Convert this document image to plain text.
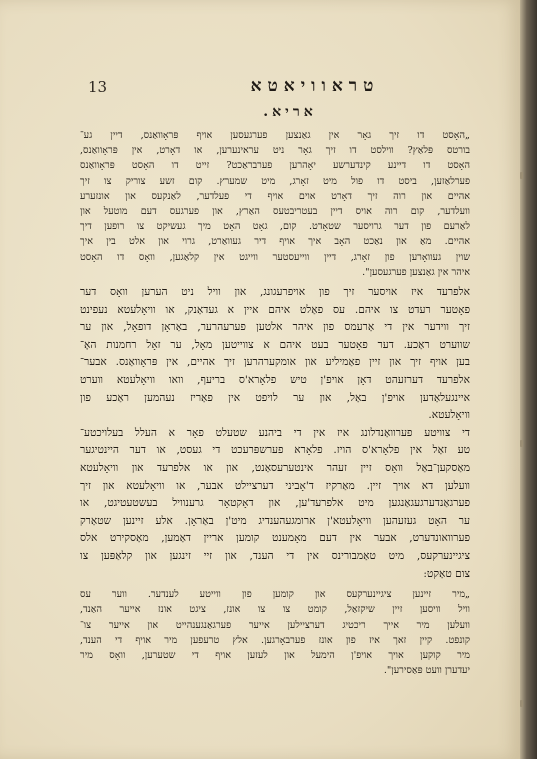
13	טראוויאטא
אריא.
„האָסט דו זיך גאָר אין גאַנצען פערגעסען אויף פּראָוואַנס, דיין גע־
בורטס פּלאַץ? ווילסט דו זיך גאָר ניט עראינערען, או דאָרט, אין פּראָוואַנס,
האָסט דו דיינע קינדערשע יאָהרען פערבראַכט? זייט דו האָסט פּראָוואַנס
פערלאַזען, ביסט דו פול מיט זאָרג, מיט שמערץ. קום זשע צוריק צו זיך
אהיים און רוה זיך דאָרט אוים אויף די פעלדער, לאַנקעס און אונזערע
וועלדער, קום רוה אויס דיין בעטריבטעס האַרץ, און פערגעס דעם מוטעל און
לאַרעם פון דער גרויסער שטאָדט. קום, גאָט האָט מיך געשיקט צו רופען דיך
אהיים. מאַ און נאַכט האָב איך אויף דיר געוואַרט, גרוי און אלט בין איך
שוין געוואָרען פון זאָרג, דיין ווייעסטער ווייגט אין קלאַגען, וואָס דו האָסט
איהר אין גאַנצען פערגעסען".
אלפרעד איז אויסער זיך פון אויפרעגונג, און וויל ניט הערען וואָס דער
פאָטער רעדט צו איהם. עס פאַלט איהם איין א געדאַנק, או וויאָלעטא נעפינט
זיך ווידער אין די אַרעמס פון איהר אלטען פערעהרער, באַראָן דופאָל, און ער
שווערט ראַכע. דער פאָטער בעט איהם א צווייטען מאָל, ער זאָל רחמנות האָ־
בען אויף זיך און זיין פאַמיליע און אומקערהרען זיך אהיים, אין פּראָוואַנס. אבער־
אלפרעד דערזעהט דאָן אויפ'ן טיש פלאָרא'ס בריעף, וואו וויאָלעטא ווערט
איינגעלאַדען אויפ'ן באַל, און ער לויפט אין פאַריז נעהמען ראַכע פון
וויאָלעטא.
די צוויטע פערוואַנדלונג איז אין די ביהנע שטעלט פאָר א העלל בעלויכטע־
טע זאַל אין פלאָרא'ס הויז. פלאָרא פערשפּרעכט די געסט, או דער היינטיגער
מאַסקען־באַל וואָס זיין זעהר אינטערעסאַנט, און או אלפרעד און וויאָלעטא
וועלען דא אויך זיין. מאַרקיז ד'אָביני דערציילט אבער, או וויאָלעטא און זיך
פערגאַנדערגעגאַנגען מיט אלפרעד'ען, און דאָקטאָר גרענוויל בעשטעטיגט, או
ער האָט געזעהען וויאָלעטא'ן ארומגעהענדיג מיט'ן באַראָן. אלע זיינען שטאַרק
פערוואונדערט, אבער אין דעם מאָמענט קומען אריין דאַמען, מאַסקירט אלס
ציגיינערקעס, מיט טאַמבורינס אין די הענד, און זיי זינגען און קלאַפּען צו
צום טאַקט:
„מיר זיינען ציגיינערקעס און קומען פון ווייטע לענדער. ווער עס
וויל וויסען זיין שיקזאַל, קומט צו צו אונז, ציגט אונז אייער האַנד,
וועלען מיר אייך ריכטיג דערציילען אייער פערגאַנגענהייט און אייער צו־
קונפט. קיין זאך איז פון אונז פערבאָרגען. אלץ טרעפען מיר אויף די הענד,
מיר קוקען אויך אויפ'ן הימעל און לעזען אויף די שטערען, וואָס מיר
יעדערן וועט פּאַסירען".
